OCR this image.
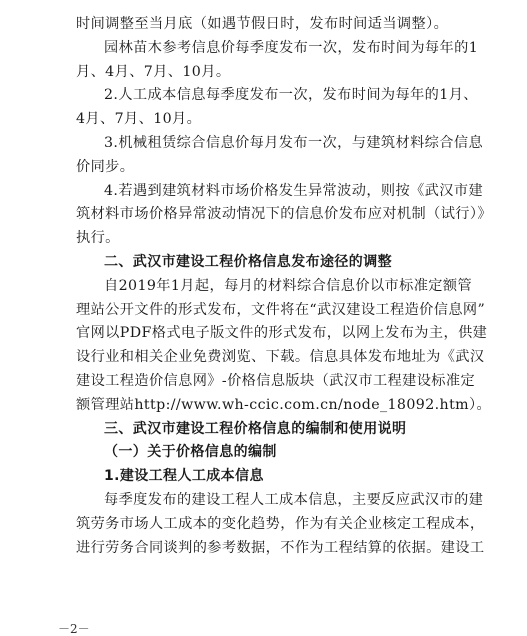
时间调整至当月底（如遇节假日时，发布时间适当调整）。
园林苗木参考信息价每季度发布一次，发布时间为每年的1
月、4月、7月、10月。
2.人工成本信息每季度发布一次，发布时间为每年的1月、
4月、7月、10月。
3.机械租赁综合信息价每月发布一次，与建筑材料综合信息
价同步。
4.若遇到建筑材料市场价格发生异常波动，则按《武汉市建
筑材料市场价格异常波动情况下的信息价发布应对机制（试行）》
执行。
二、武汉市建设工程价格信息发布途径的调整
自2019年1月起，每月的材料综合信息价以市标准定额管
理站公开文件的形式发布，文件将在“武汉建设工程造价信息网”
官网以PDF格式电子版文件的形式发布，以网上发布为主，供建
设行业和相关企业免费浏览、下载。信息具体发布地址为《武汉
建设工程造价信息网》-价格信息版块（武汉市工程建设标准定
额管理站http://www.wh-ccic.com.cn/node_18092.htm）。
三、武汉市建设工程价格信息的编制和使用说明
（一）关于价格信息的编制
1.建设工程人工成本信息
每季度发布的建设工程人工成本信息，主要反应武汉市的建
筑劳务市场人工成本的变化趋势，作为有关企业核定工程成本，
进行劳务合同谈判的参考数据，不作为工程结算的依据。建设工
－2－
